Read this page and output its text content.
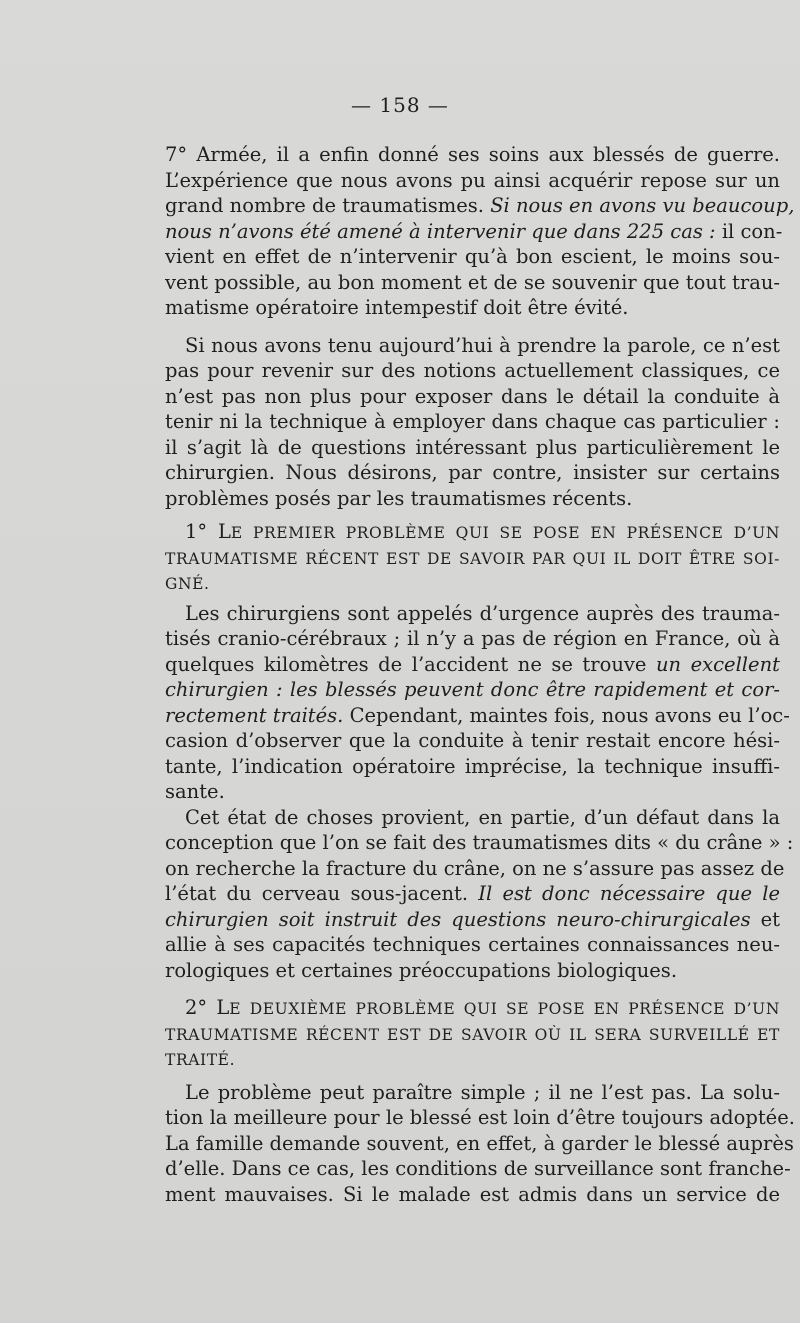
— 158 —
7° Armée, il a enfin donné ses soins aux blessés de guerre.
L’expérience que nous avons pu ainsi acquérir repose sur un
grand nombre de traumatismes. Si nous en avons vu beaucoup,
nous n’avons été amené à intervenir que dans 225 cas : il con-
vient en effet de n’intervenir qu’à bon escient, le moins sou-
vent possible, au bon moment et de se souvenir que tout trau-
matisme opératoire intempestif doit être évité.
Si nous avons tenu aujourd’hui à prendre la parole, ce n’est
pas pour revenir sur des notions actuellement classiques, ce
n’est pas non plus pour exposer dans le détail la conduite à
tenir ni la technique à employer dans chaque cas particulier :
il s’agit là de questions intéressant plus particulièrement le
chirurgien. Nous désirons, par contre, insister sur certains
problèmes posés par les traumatismes récents.
1° LE PREMIER PROBLÈME QUI SE POSE EN PRÉSENCE D’UN
TRAUMATISME RÉCENT EST DE SAVOIR PAR QUI IL DOIT ÊTRE SOI-
GNÉ.
Les chirurgiens sont appelés d’urgence auprès des trauma-
tisés cranio-cérébraux ; il n’y a pas de région en France, où à
quelques kilomètres de l’accident ne se trouve un excellent
chirurgien : les blessés peuvent donc être rapidement et cor-
rectement traités. Cependant, maintes fois, nous avons eu l’oc-
casion d’observer que la conduite à tenir restait encore hési-
tante, l’indication opératoire imprécise, la technique insuffi-
sante.
Cet état de choses provient, en partie, d’un défaut dans la
conception que l’on se fait des traumatismes dits « du crâne » :
on recherche la fracture du crâne, on ne s’assure pas assez de
l’état du cerveau sous-jacent. Il est donc nécessaire que le
chirurgien soit instruit des questions neuro-chirurgicales et
allie à ses capacités techniques certaines connaissances neu-
rologiques et certaines préoccupations biologiques.
2° LE DEUXIÈME PROBLÈME QUI SE POSE EN PRÉSENCE D’UN
TRAUMATISME RÉCENT EST DE SAVOIR OÙ IL SERA SURVEILLÉ ET
TRAITÉ.
Le problème peut paraître simple ; il ne l’est pas. La solu-
tion la meilleure pour le blessé est loin d’être toujours adoptée.
La famille demande souvent, en effet, à garder le blessé auprès
d’elle. Dans ce cas, les conditions de surveillance sont franche-
ment mauvaises. Si le malade est admis dans un service de
